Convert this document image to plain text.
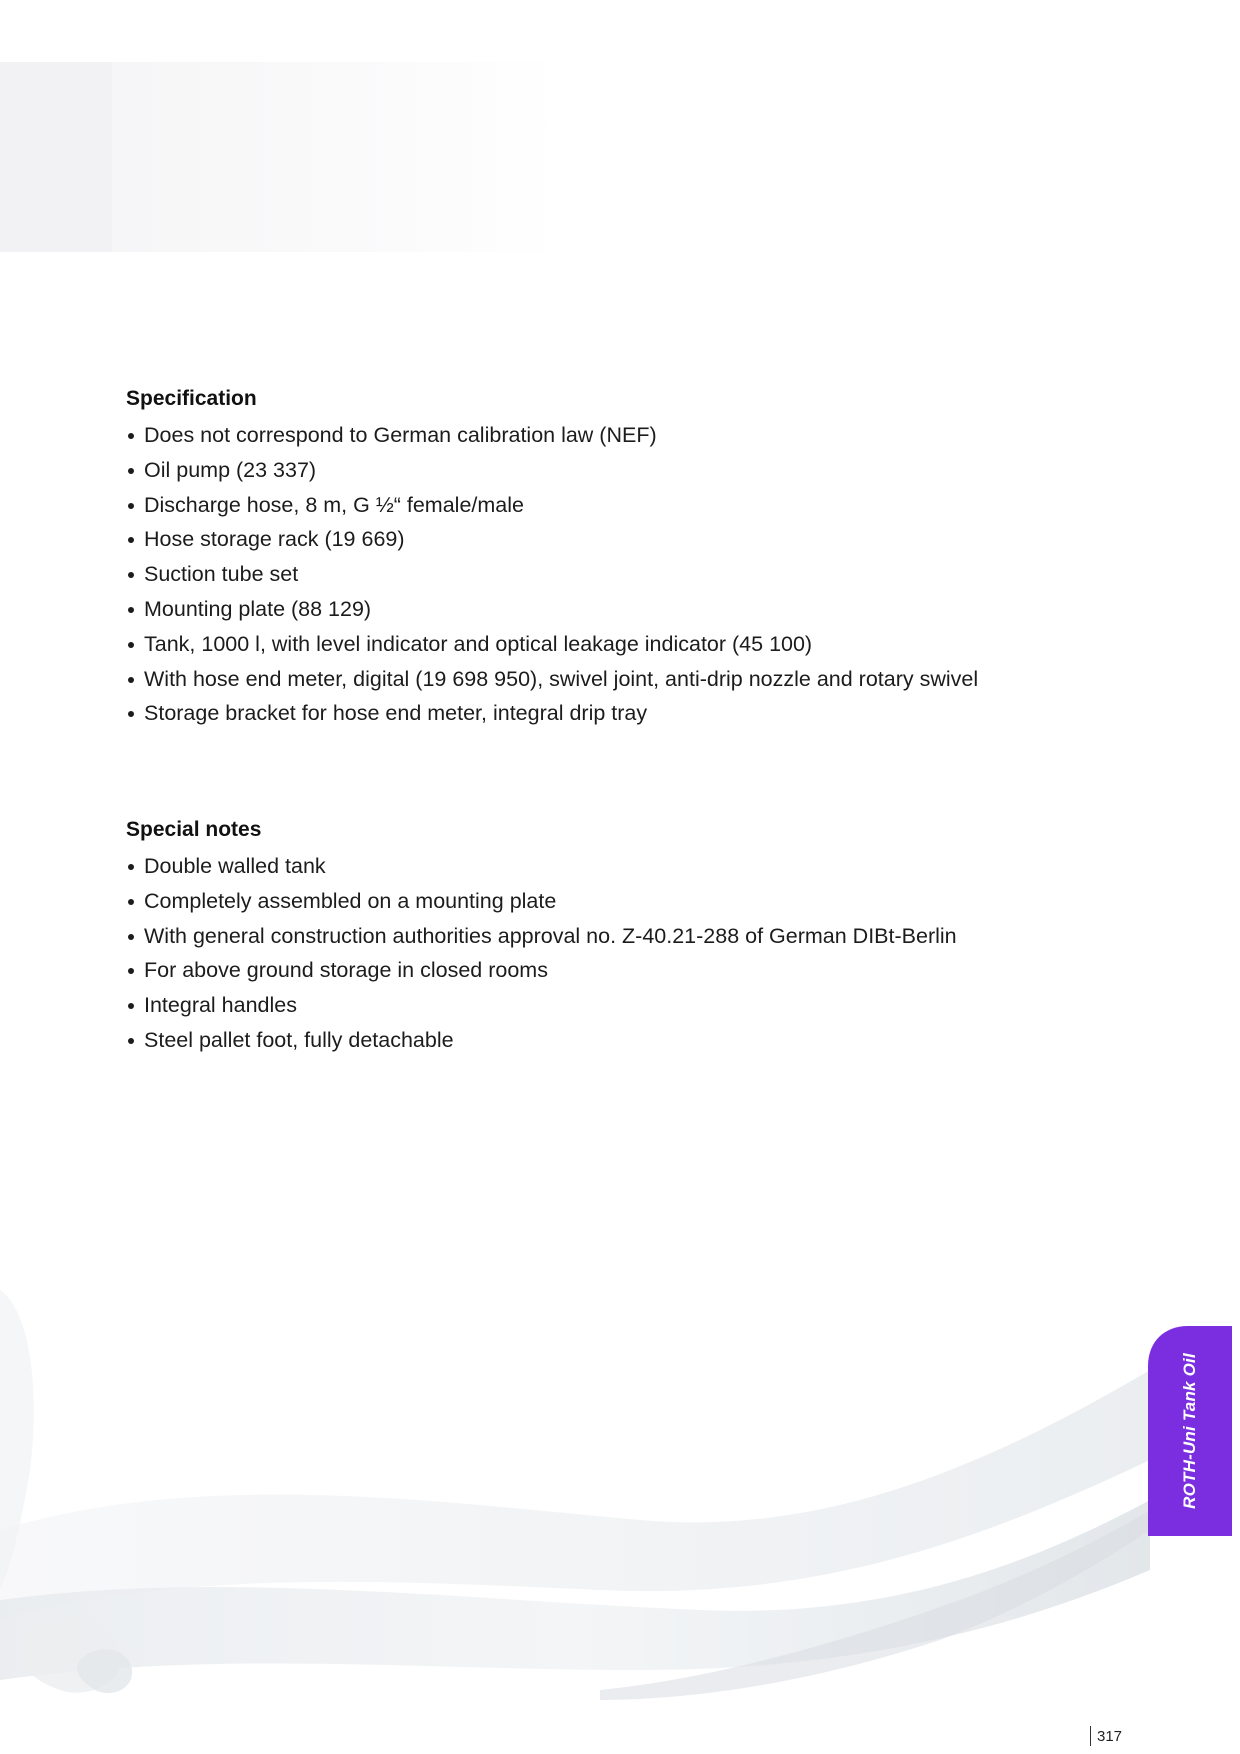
Specification
Does not correspond to German calibration law (NEF)
Oil pump (23 337)
Discharge hose, 8 m, G ½“ female/male
Hose storage rack (19 669)
Suction tube set
Mounting plate (88 129)
Tank, 1000 l, with level indicator and optical leakage indicator (45 100)
With hose end meter, digital (19 698 950), swivel joint, anti-drip nozzle and rotary swivel
Storage bracket for hose end meter, integral drip tray
Special notes
Double walled tank
Completely assembled on a mounting plate
With general construction authorities approval no. Z-40.21-288 of German DIBt-Berlin
For above ground storage in closed rooms
Integral handles
Steel pallet foot, fully detachable
ROTH-Uni Tank Oil
317
